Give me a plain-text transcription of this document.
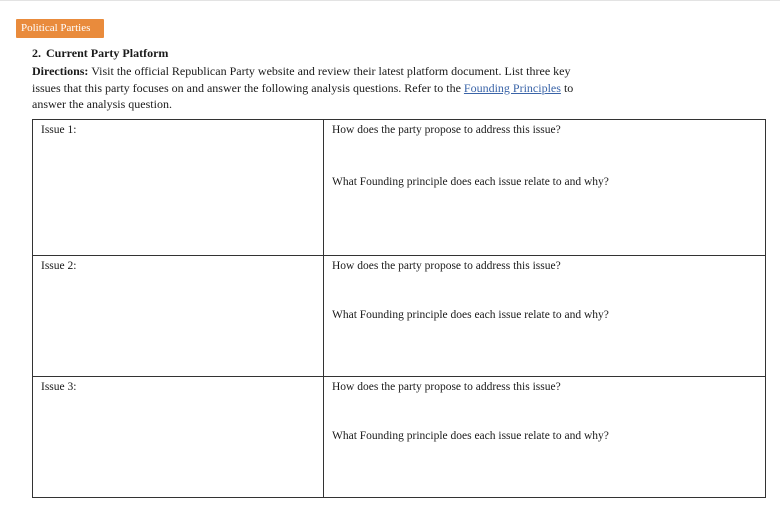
Political Parties

2. Current Party Platform

Directions: Visit the official Republican Party website and review their latest platform document. List three key issues that this party focuses on and answer the following analysis questions. Refer to the Founding Principles to answer the analysis question.

Issue 1:	How does the party propose to address this issue?
What Founding principle does each issue relate to and why?

Issue 2:	How does the party propose to address this issue?
What Founding principle does each issue relate to and why?

Issue 3:	How does the party propose to address this issue?
What Founding principle does each issue relate to and why?
